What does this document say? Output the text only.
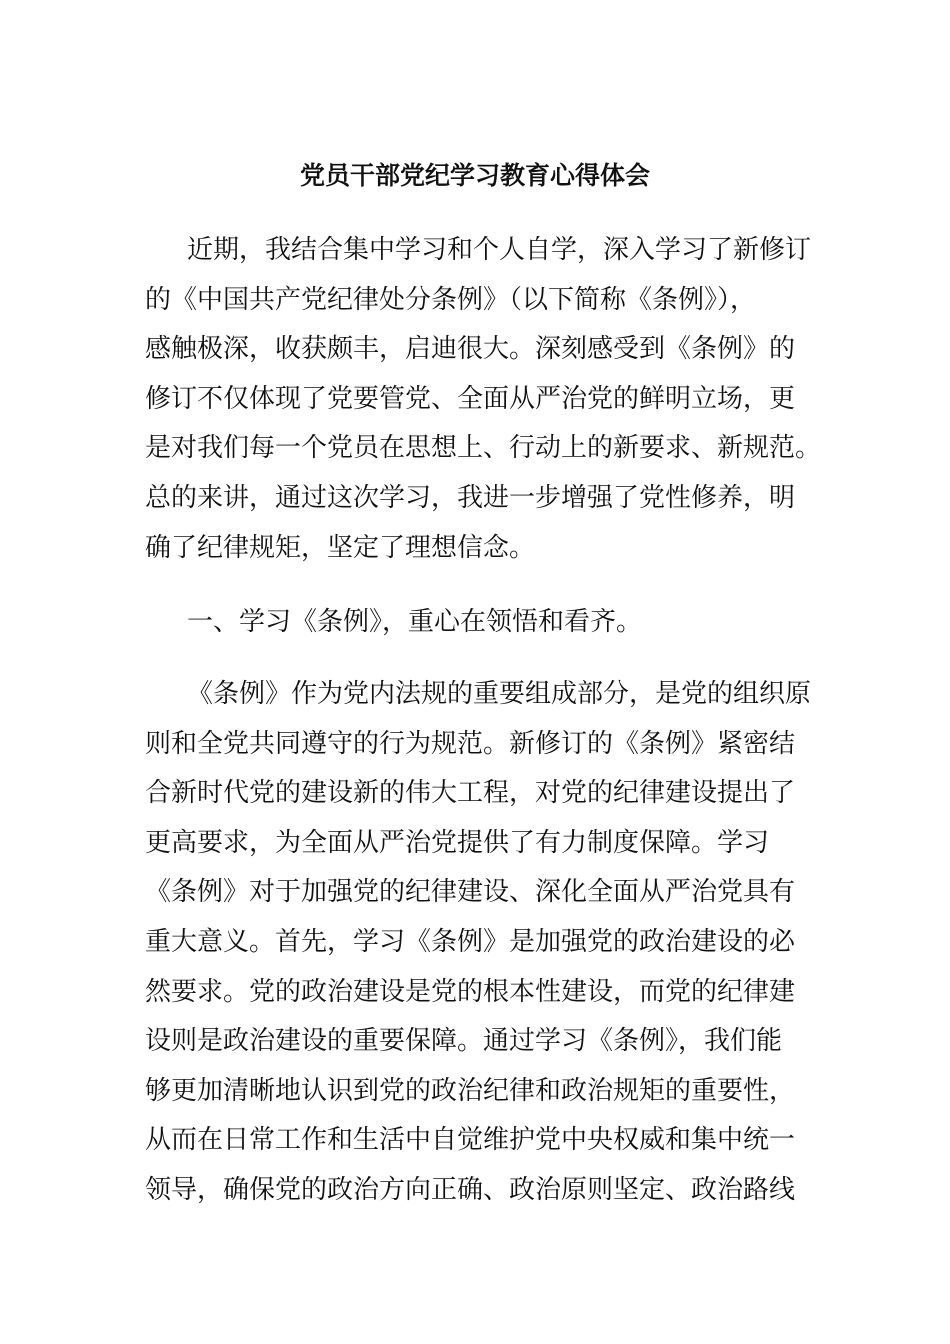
党员干部党纪学习教育心得体会
近期，我结合集中学习和个人自学，深入学习了新修订
的《中国共产党纪律处分条例》（以下简称《条例》），
感触极深，收获颇丰，启迪很大。深刻感受到《条例》的
修订不仅体现了党要管党、全面从严治党的鲜明立场，更
是对我们每一个党员在思想上、行动上的新要求、新规范。
总的来讲，通过这次学习，我进一步增强了党性修养，明
确了纪律规矩，坚定了理想信念。
一、学习《条例》，重心在领悟和看齐。
《条例》作为党内法规的重要组成部分，是党的组织原
则和全党共同遵守的行为规范。新修订的《条例》紧密结
合新时代党的建设新的伟大工程，对党的纪律建设提出了
更高要求，为全面从严治党提供了有力制度保障。学习
《条例》对于加强党的纪律建设、深化全面从严治党具有
重大意义。首先，学习《条例》是加强党的政治建设的必
然要求。党的政治建设是党的根本性建设，而党的纪律建
设则是政治建设的重要保障。通过学习《条例》，我们能
够更加清晰地认识到党的政治纪律和政治规矩的重要性，
从而在日常工作和生活中自觉维护党中央权威和集中统一
领导，确保党的政治方向正确、政治原则坚定、政治路线
